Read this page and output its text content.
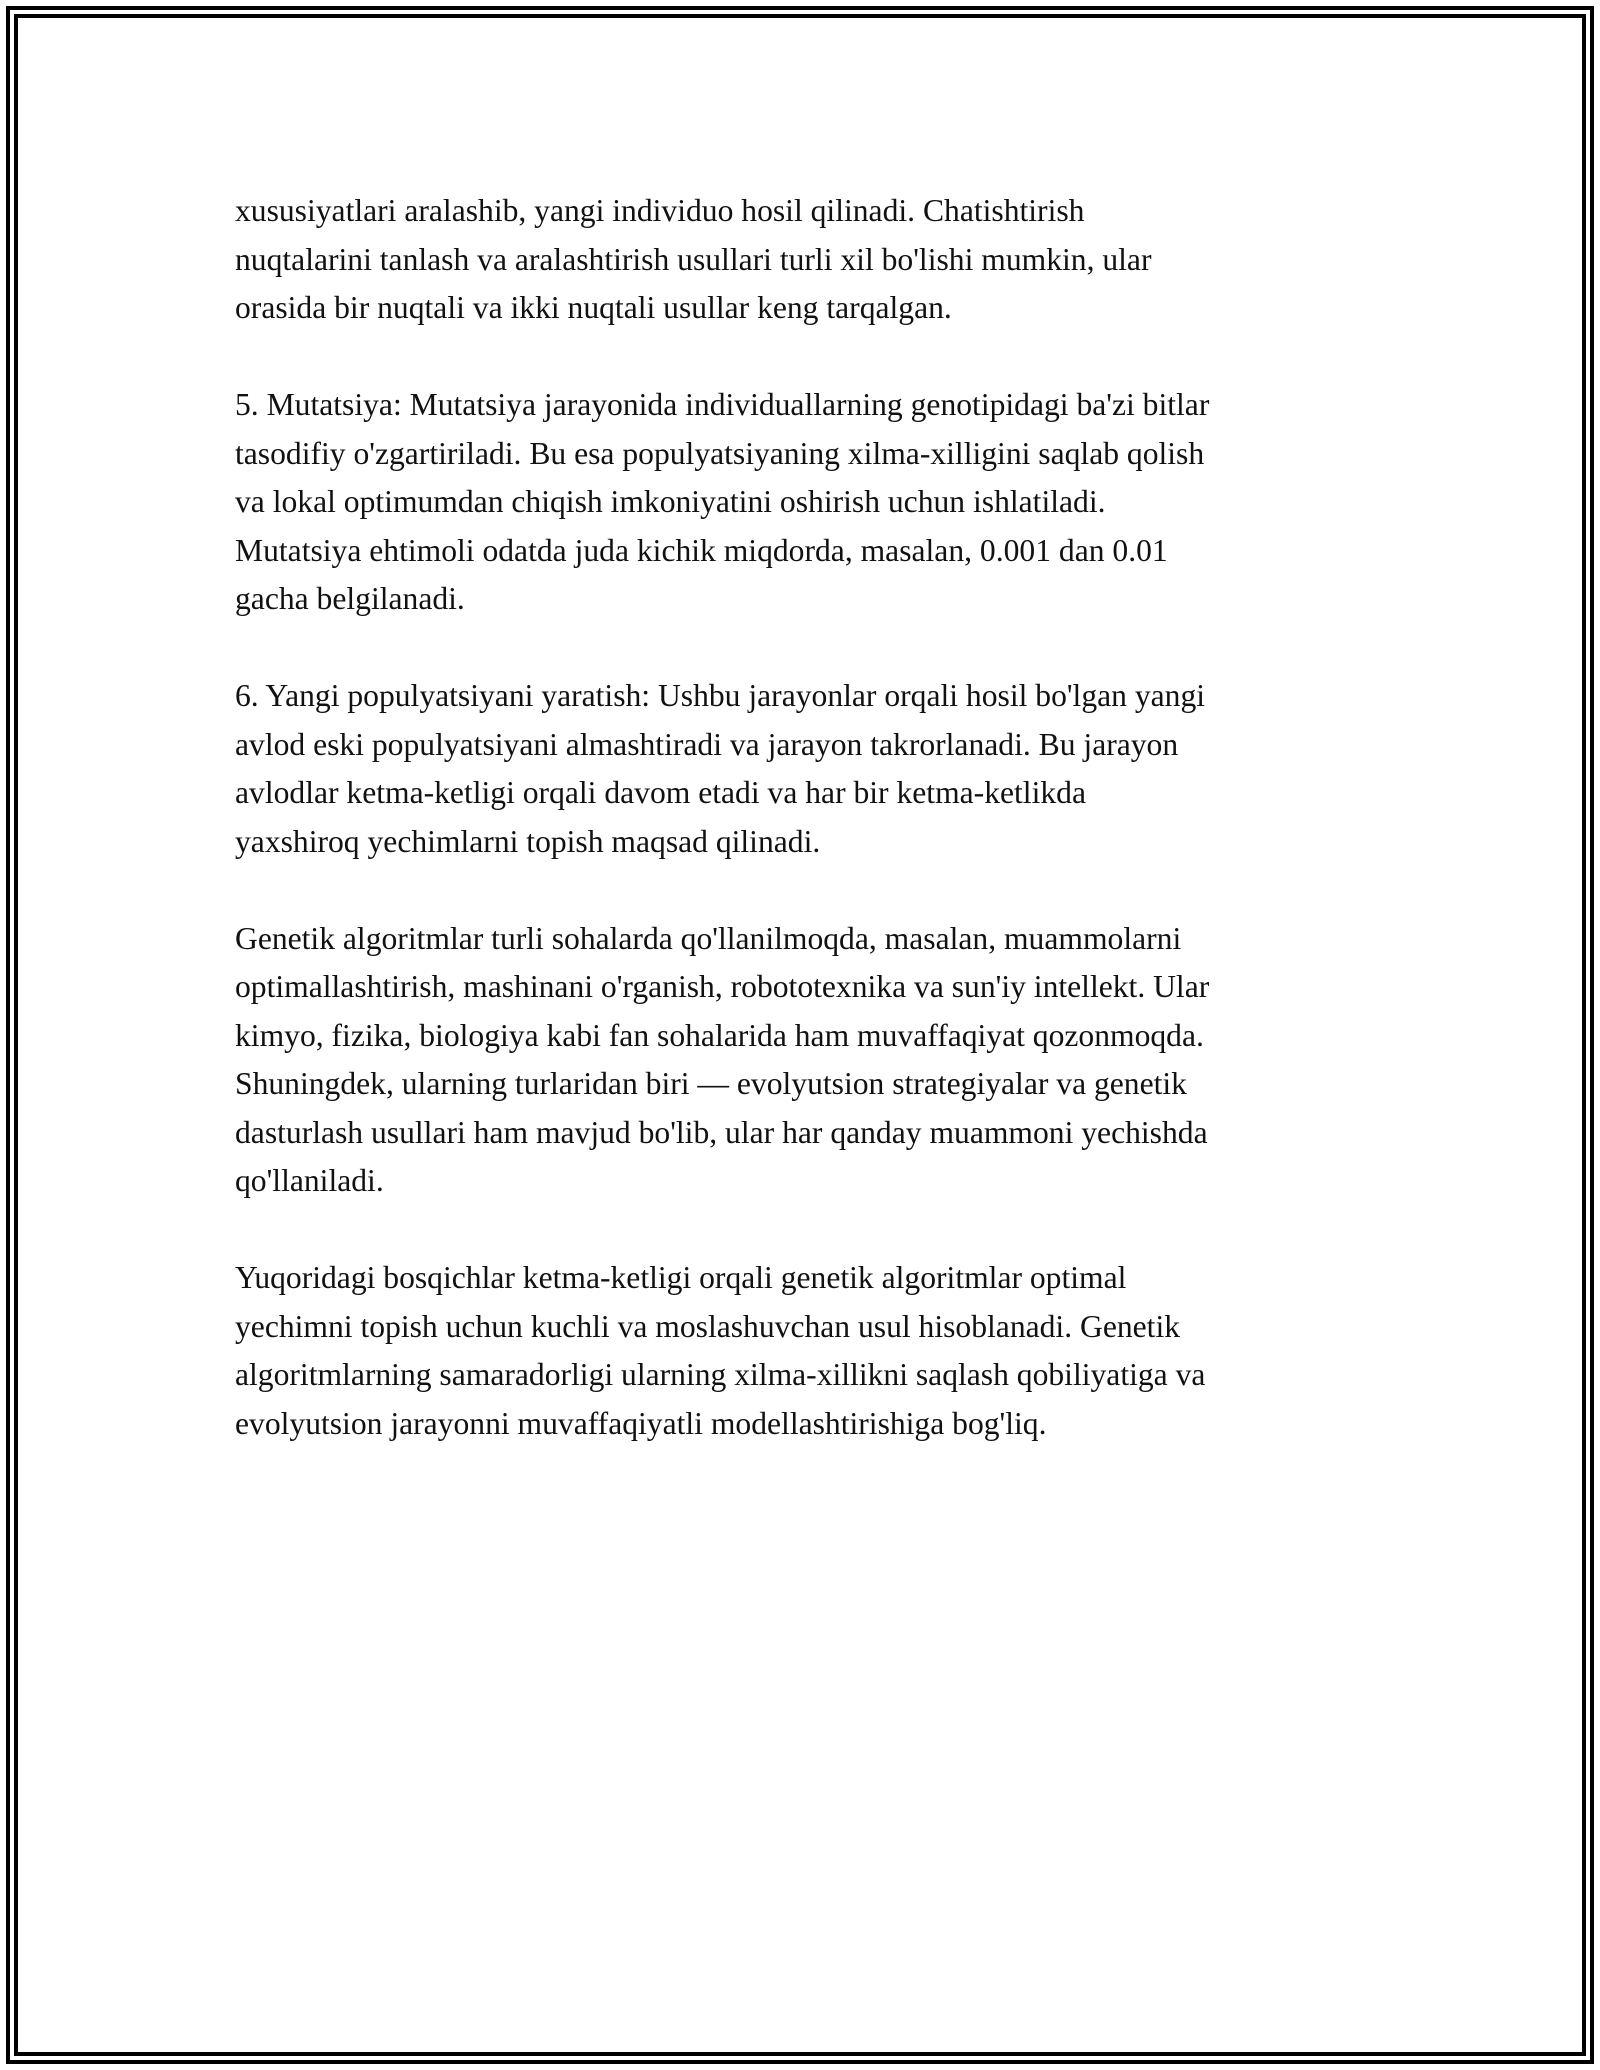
xususiyatlari aralashib, yangi individuo hosil qilinadi. Chatishtirish
nuqtalarini tanlash va aralashtirish usullari turli xil bo'lishi mumkin, ular
orasida bir nuqtali va ikki nuqtali usullar keng tarqalgan.

5. Mutatsiya: Mutatsiya jarayonida individuallarning genotipidagi ba'zi bitlar
tasodifiy o'zgartiriladi. Bu esa populyatsiyaning xilma-xilligini saqlab qolish
va lokal optimumdan chiqish imkoniyatini oshirish uchun ishlatiladi.
Mutatsiya ehtimoli odatda juda kichik miqdorda, masalan, 0.001 dan 0.01
gacha belgilanadi.

6. Yangi populyatsiyani yaratish: Ushbu jarayonlar orqali hosil bo'lgan yangi
avlod eski populyatsiyani almashtiradi va jarayon takrorlanadi. Bu jarayon
avlodlar ketma-ketligi orqali davom etadi va har bir ketma-ketlikda
yaxshiroq yechimlarni topish maqsad qilinadi.

Genetik algoritmlar turli sohalarda qo'llanilmoqda, masalan, muammolarni
optimallashtirish, mashinani o'rganish, robototexnika va sun'iy intellekt. Ular
kimyo, fizika, biologiya kabi fan sohalarida ham muvaffaqiyat qozonmoqda.
Shuningdek, ularning turlaridan biri — evolyutsion strategiyalar va genetik
dasturlash usullari ham mavjud bo'lib, ular har qanday muammoni yechishda
qo'llaniladi.

Yuqoridagi bosqichlar ketma-ketligi orqali genetik algoritmlar optimal
yechimni topish uchun kuchli va moslashuvchan usul hisoblanadi. Genetik
algoritmlarning samaradorligi ularning xilma-xillikni saqlash qobiliyatiga va
evolyutsion jarayonni muvaffaqiyatli modellashtirishiga bog'liq.
